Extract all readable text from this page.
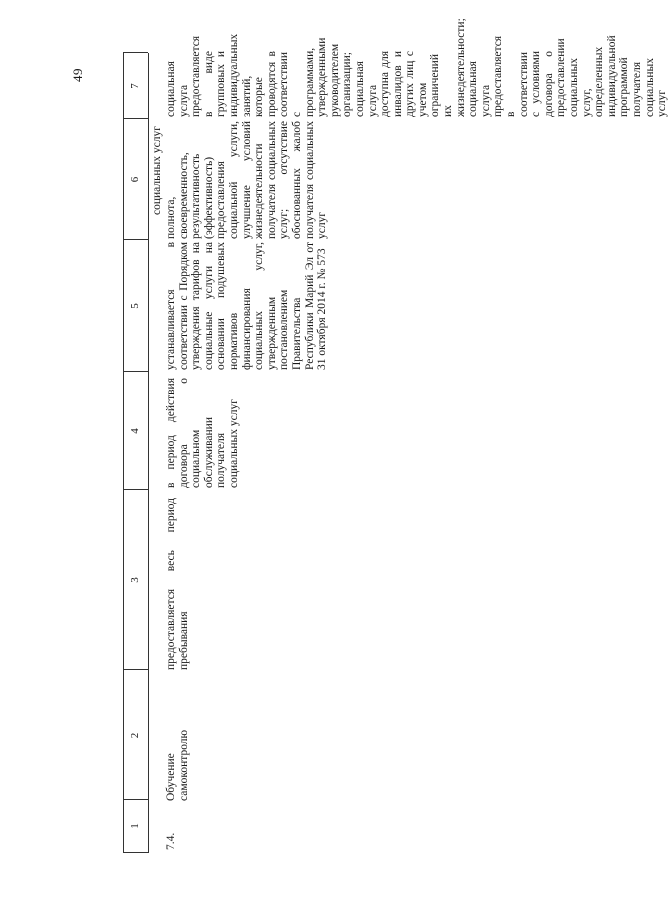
49
1
2
3
4
5
6
7
социальных услуг
7.4.
Обучение самоконтролю
предоставляется весь период пребывания
в период действия договора о социальном обслуживании получателя социальных услуг
устанавливается в соответствии с Порядком утверждения тарифов на социальные услуги на основании подушевых нормативов финансирования социальных услуг, утвержденным постановлением Правительства Республики Марий Эл от 31 октября 2014 г. № 573
полнота, своевременность, результативность (эффективность) предоставления социальной услуги, улучшение условий жизнедеятельности получателя социальных услуг; отсутствие обоснованных жалоб получателя социальных услуг
социальная услуга предоставляется в виде групповых и индивидуальных занятий, которые проводятся в соответствии с программами, утвержденными руководителем организации; социальная услуга доступна для инвалидов и других лиц с учетом ограничений их жизнедеятельности; социальная услуга предоставляется в соответствии с условиями договора о предоставлении социальных услуг, определенных индивидуальной программой получателя социальных услуг
